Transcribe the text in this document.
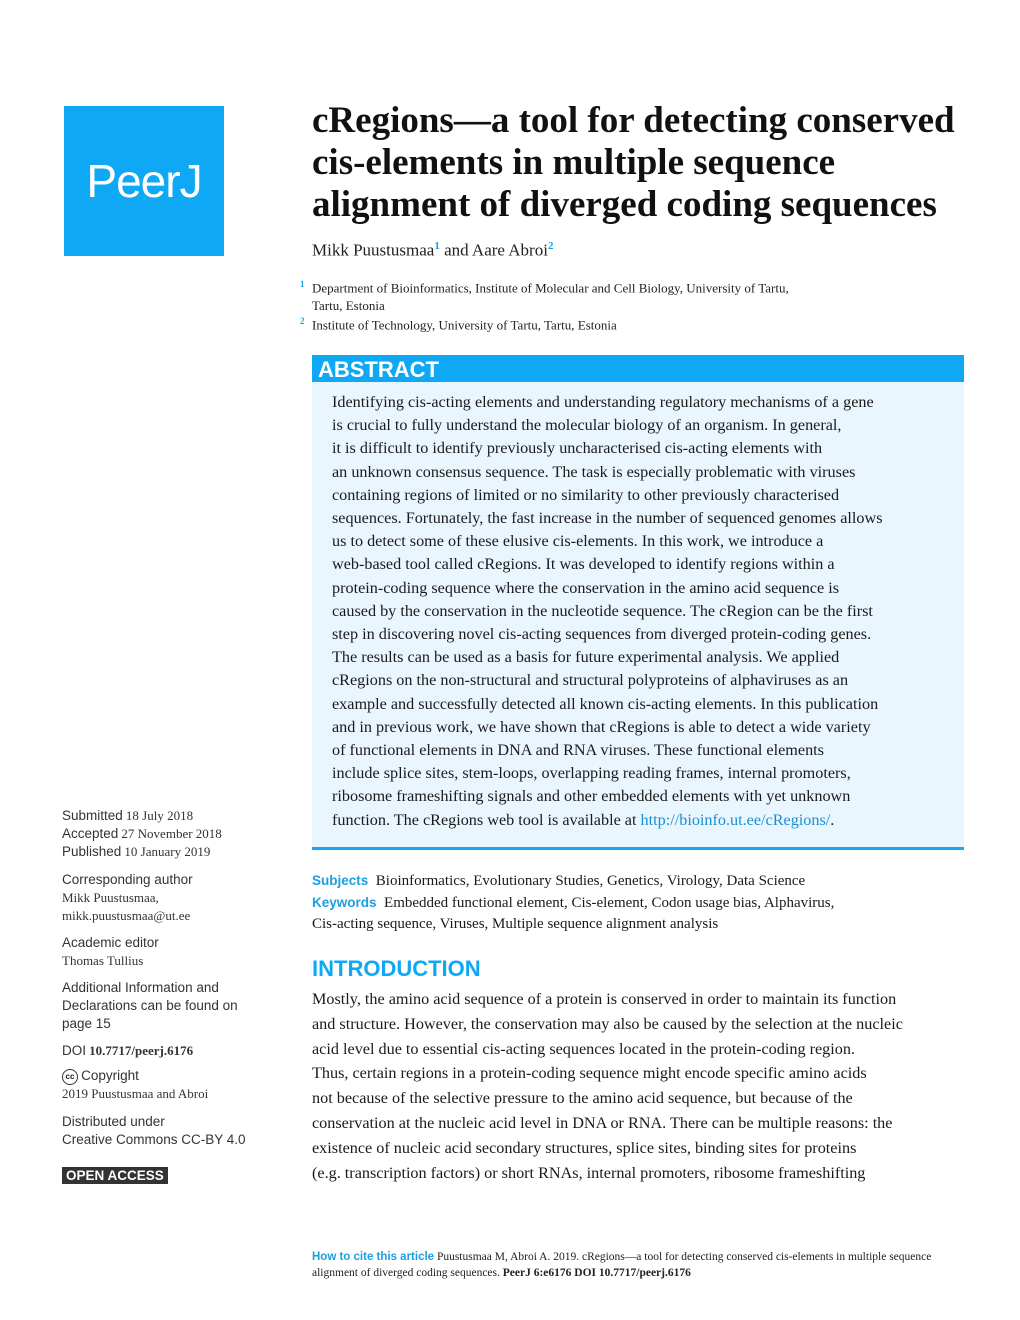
PeerJ
cRegions—a tool for detecting conserved cis-elements in multiple sequence alignment of diverged coding sequences
Mikk Puustusmaa$^1$ and Aare Abroi$^2$
$^1$ Department of Bioinformatics, Institute of Molecular and Cell Biology, University of Tartu,
Tartu, Estonia
$^2$ Institute of Technology, University of Tartu, Tartu, Estonia
ABSTRACT
Identifying cis-acting elements and understanding regulatory mechanisms of a gene
is crucial to fully understand the molecular biology of an organism. In general,
it is difficult to identify previously uncharacterised cis-acting elements with
an unknown consensus sequence. The task is especially problematic with viruses
containing regions of limited or no similarity to other previously characterised
sequences. Fortunately, the fast increase in the number of sequenced genomes allows
us to detect some of these elusive cis-elements. In this work, we introduce a
web-based tool called cRegions. It was developed to identify regions within a
protein-coding sequence where the conservation in the amino acid sequence is
caused by the conservation in the nucleotide sequence. The cRegion can be the first
step in discovering novel cis-acting sequences from diverged protein-coding genes.
The results can be used as a basis for future experimental analysis. We applied
cRegions on the non-structural and structural polyproteins of alphaviruses as an
example and successfully detected all known cis-acting elements. In this publication
and in previous work, we have shown that cRegions is able to detect a wide variety
of functional elements in DNA and RNA viruses. These functional elements
include splice sites, stem-loops, overlapping reading frames, internal promoters,
ribosome frameshifting signals and other embedded elements with yet unknown
function. The cRegions web tool is available at http://bioinfo.ut.ee/cRegions/.
Submitted 18 July 2018
Accepted 27 November 2018
Published 10 January 2019
Corresponding author
Mikk Puustusmaa,
mikk.puustusmaa@ut.ee
Academic editor
Thomas Tullius
Additional Information and
Declarations can be found on
page 15
DOI 10.7717/peerj.6176
cc Copyright
2019 Puustusmaa and Abroi
Distributed under
Creative Commons CC-BY 4.0
OPEN ACCESS
Subjects Bioinformatics, Evolutionary Studies, Genetics, Virology, Data Science
Keywords Embedded functional element, Cis-element, Codon usage bias, Alphavirus,
Cis-acting sequence, Viruses, Multiple sequence alignment analysis
INTRODUCTION
Mostly, the amino acid sequence of a protein is conserved in order to maintain its function
and structure. However, the conservation may also be caused by the selection at the nucleic
acid level due to essential cis-acting sequences located in the protein-coding region.
Thus, certain regions in a protein-coding sequence might encode specific amino acids
not because of the selective pressure to the amino acid sequence, but because of the
conservation at the nucleic acid level in DNA or RNA. There can be multiple reasons: the
existence of nucleic acid secondary structures, splice sites, binding sites for proteins
(e.g. transcription factors) or short RNAs, internal promoters, ribosome frameshifting
How to cite this article Puustusmaa M, Abroi A. 2019. cRegions—a tool for detecting conserved cis-elements in multiple sequence
alignment of diverged coding sequences. PeerJ 6:e6176 DOI 10.7717/peerj.6176
